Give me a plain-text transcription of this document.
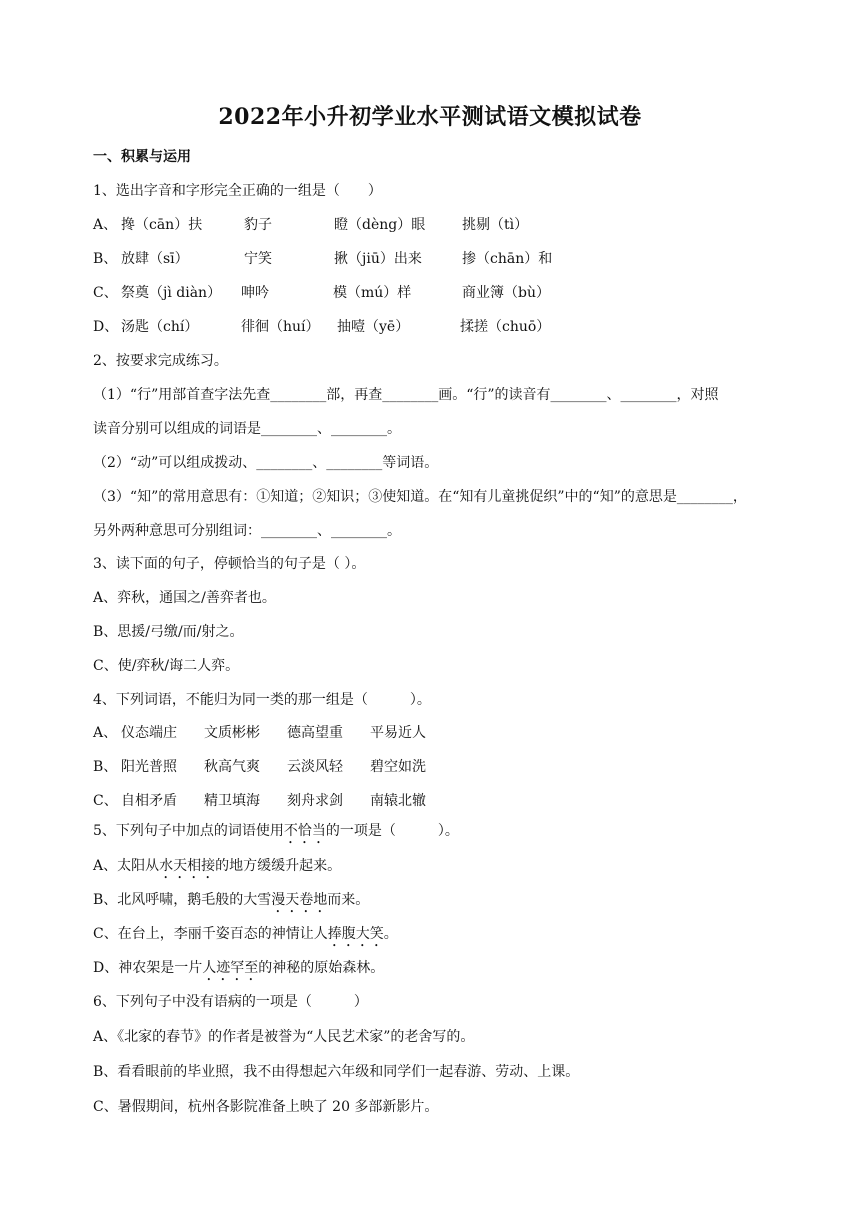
2022年小升初学业水平测试语文模拟试卷
一、积累与运用
1、选出字音和字形完全正确的一组是（　　）
A、 搀（cān）扶	豹子	瞪（dèng）眼	挑剔（tì）
B、 放肆（sī）	宁笑	揪（jiū）出来	掺（chān）和
C、 祭奠（jì diàn） 呻吟	模（mú）样	商业簿（bù）
D、 汤匙（chí）	徘徊（huí） 抽噎（yē）	揉搓（chuō）
2、按要求完成练习。
（1）“行”用部首查字法先查________部，再查________画。“行”的读音有________、________，对照
读音分别可以组成的词语是________、________。
（2）“动”可以组成拨动、________、________等词语。
（3）“知”的常用意思有：①知道；②知识；③使知道。在“知有儿童挑促织”中的“知”的意思是________，
另外两种意思可分别组词：________、________。
3、读下面的句子，停顿恰当的句子是（ ）。
A、弈秋，通国之/善弈者也。
B、思援/弓缴/而/射之。
C、使/弈秋/诲二人弈。
4、下列词语，不能归为同一类的那一组是（　　　）。
A、 仪态端庄 文质彬彬 德高望重 平易近人
B、 阳光普照 秋高气爽 云淡风轻 碧空如洗
C、 自相矛盾 精卫填海 刻舟求剑 南辕北辙
5、下列句子中加点的词语使用不恰当的一项是（　　　）。
A、太阳从水天相接的地方缓缓升起来。
B、北风呼啸，鹅毛般的大雪漫天卷地而来。
C、在台上，李丽千姿百态的神情让人捧腹大笑。
D、神农架是一片人迹罕至的神秘的原始森林。
6、下列句子中没有语病的一项是（　　　）
A、《北家的春节》的作者是被誉为“人民艺术家”的老舍写的。
B、看看眼前的毕业照，我不由得想起六年级和同学们一起春游、劳动、上课。
C、暑假期间，杭州各影院准备上映了 20 多部新影片。
